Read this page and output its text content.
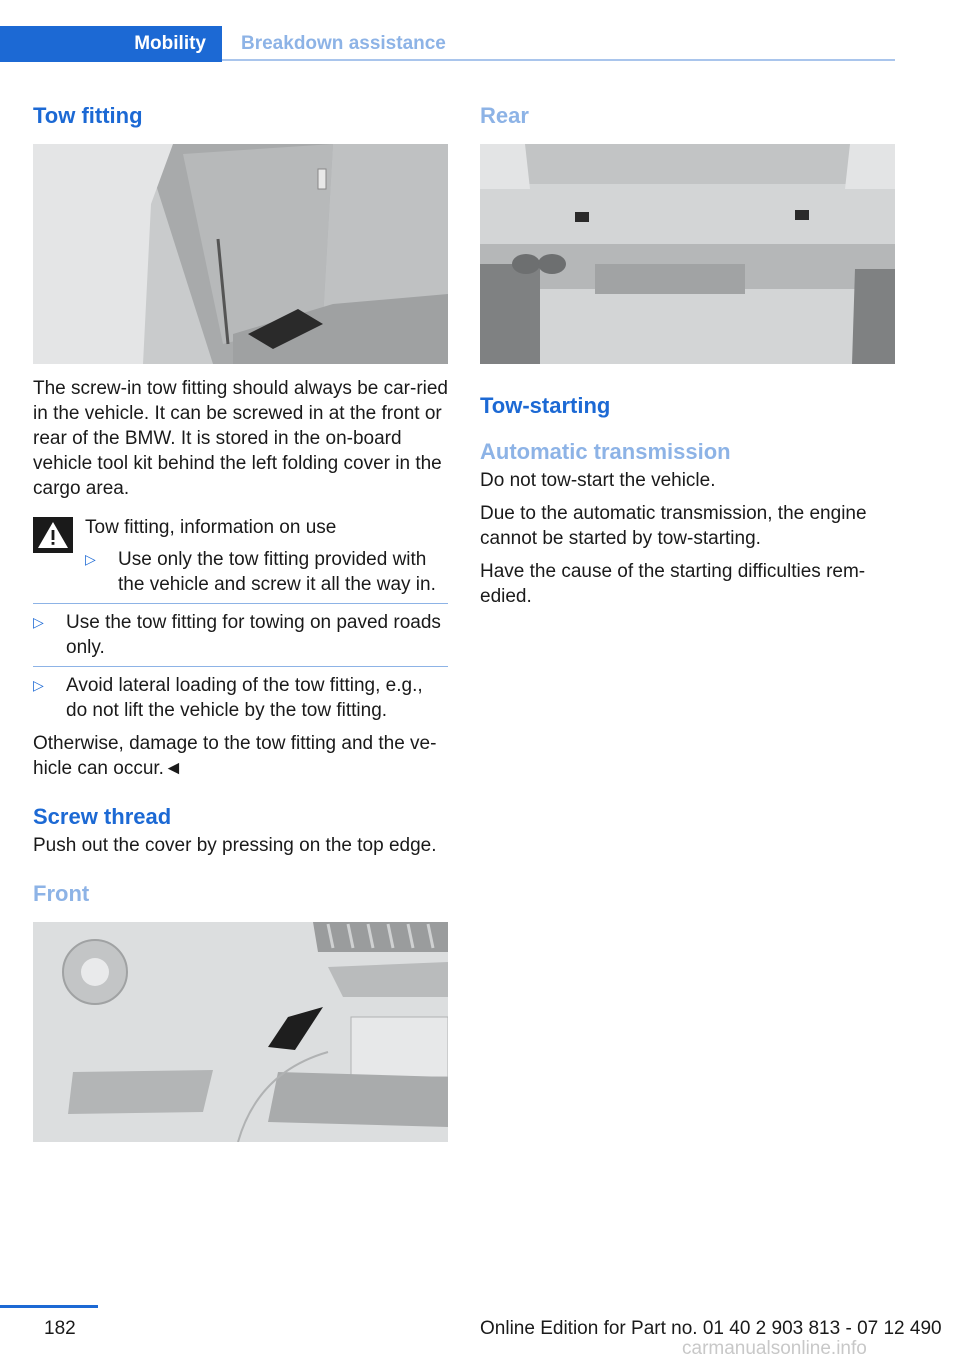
Mobility	Breakdown assistance
Tow fitting

The screw-in tow fitting should always be car-ried in the vehicle. It can be screwed in at the front or rear of the BMW. It is stored in the on-board vehicle tool kit behind the left folding cover in the cargo area.

Tow fitting, information on use

▷ Use only the tow fitting provided with the vehicle and screw it all the way in.
▷ Use the tow fitting for towing on paved roads only.
▷ Avoid lateral loading of the tow fitting, e.g., do not lift the vehicle by the tow fitting.

Otherwise, damage to the tow fitting and the ve-hicle can occur.◄

Screw thread

Push out the cover by pressing on the top edge.

Front
Rear
Tow-starting
Automatic transmission

Do not tow-start the vehicle.

Due to the automatic transmission, the engine cannot be started by tow-starting.

Have the cause of the starting difficulties rem-edied.

182	Online Edition for Part no. 01 40 2 903 813 - 07 12 490
carmanualsonline.info
